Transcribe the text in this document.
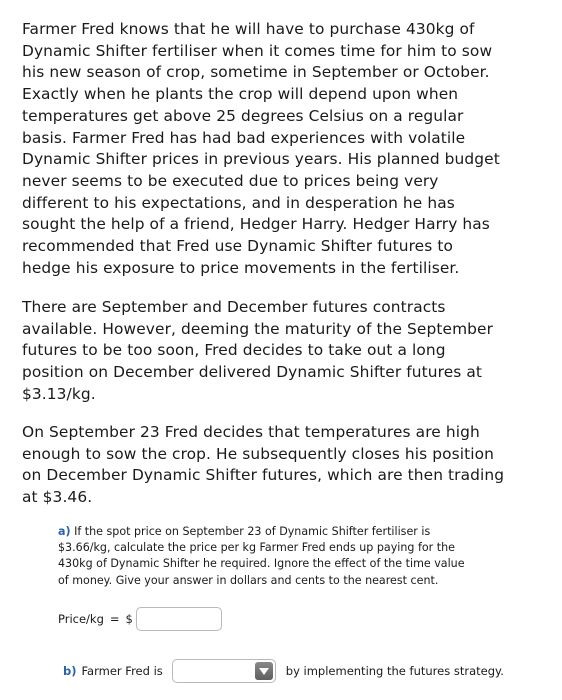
Farmer Fred knows that he will have to purchase 430kg of
Dynamic Shifter fertiliser when it comes time for him to sow
his new season of crop, sometime in September or October.
Exactly when he plants the crop will depend upon when
temperatures get above 25 degrees Celsius on a regular
basis. Farmer Fred has had bad experiences with volatile
Dynamic Shifter prices in previous years. His planned budget
never seems to be executed due to prices being very
different to his expectations, and in desperation he has
sought the help of a friend, Hedger Harry. Hedger Harry has
recommended that Fred use Dynamic Shifter futures to
hedge his exposure to price movements in the fertiliser.
There are September and December futures contracts
available. However, deeming the maturity of the September
futures to be too soon, Fred decides to take out a long
position on December delivered Dynamic Shifter futures at
$3.13/kg.
On September 23 Fred decides that temperatures are high
enough to sow the crop. He subsequently closes his position
on December Dynamic Shifter futures, which are then trading
at $3.46.
a) If the spot price on September 23 of Dynamic Shifter fertiliser is
$3.66/kg, calculate the price per kg Farmer Fred ends up paying for the
430kg of Dynamic Shifter he required. Ignore the effect of the time value
of money. Give your answer in dollars and cents to the nearest cent.
Price/kg = $
b) Farmer Fred is	by implementing the futures strategy.
